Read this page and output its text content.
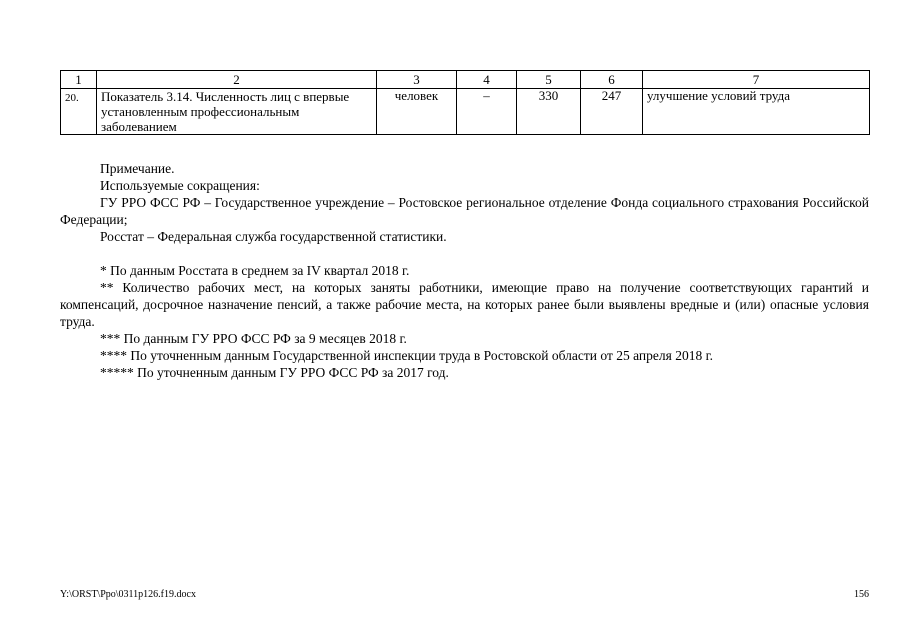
1	2	3	4	5	6	7
20.	Показатель 3.14. Численность лиц с впервые установленным профессиональным заболеванием	человек	–	330	247	улучшение условий труда

Примечание.

Используемые сокращения:

ГУ РРО ФСС РФ – Государственное учреждение – Ростовское региональное отделение Фонда социального страхования Российской Федерации;

Росстат – Федеральная служба государственной статистики.

* По данным Росстата в среднем за IV квартал 2018 г.

** Количество рабочих мест, на которых заняты работники, имеющие право на получение соответствующих гарантий и компенсаций, досрочное назначение пенсий, а также рабочие места, на которых ранее были выявлены вредные и (или) опасные условия труда.

*** По данным ГУ РРО ФСС РФ за 9 месяцев 2018 г.

**** По уточненным данным Государственной инспекции труда в Ростовской области от 25 апреля 2018 г.

***** По уточненным данным ГУ РРО ФСС РФ за 2017 год.

Y:\ORST\Ppo\0311p126.f19.docx	156
